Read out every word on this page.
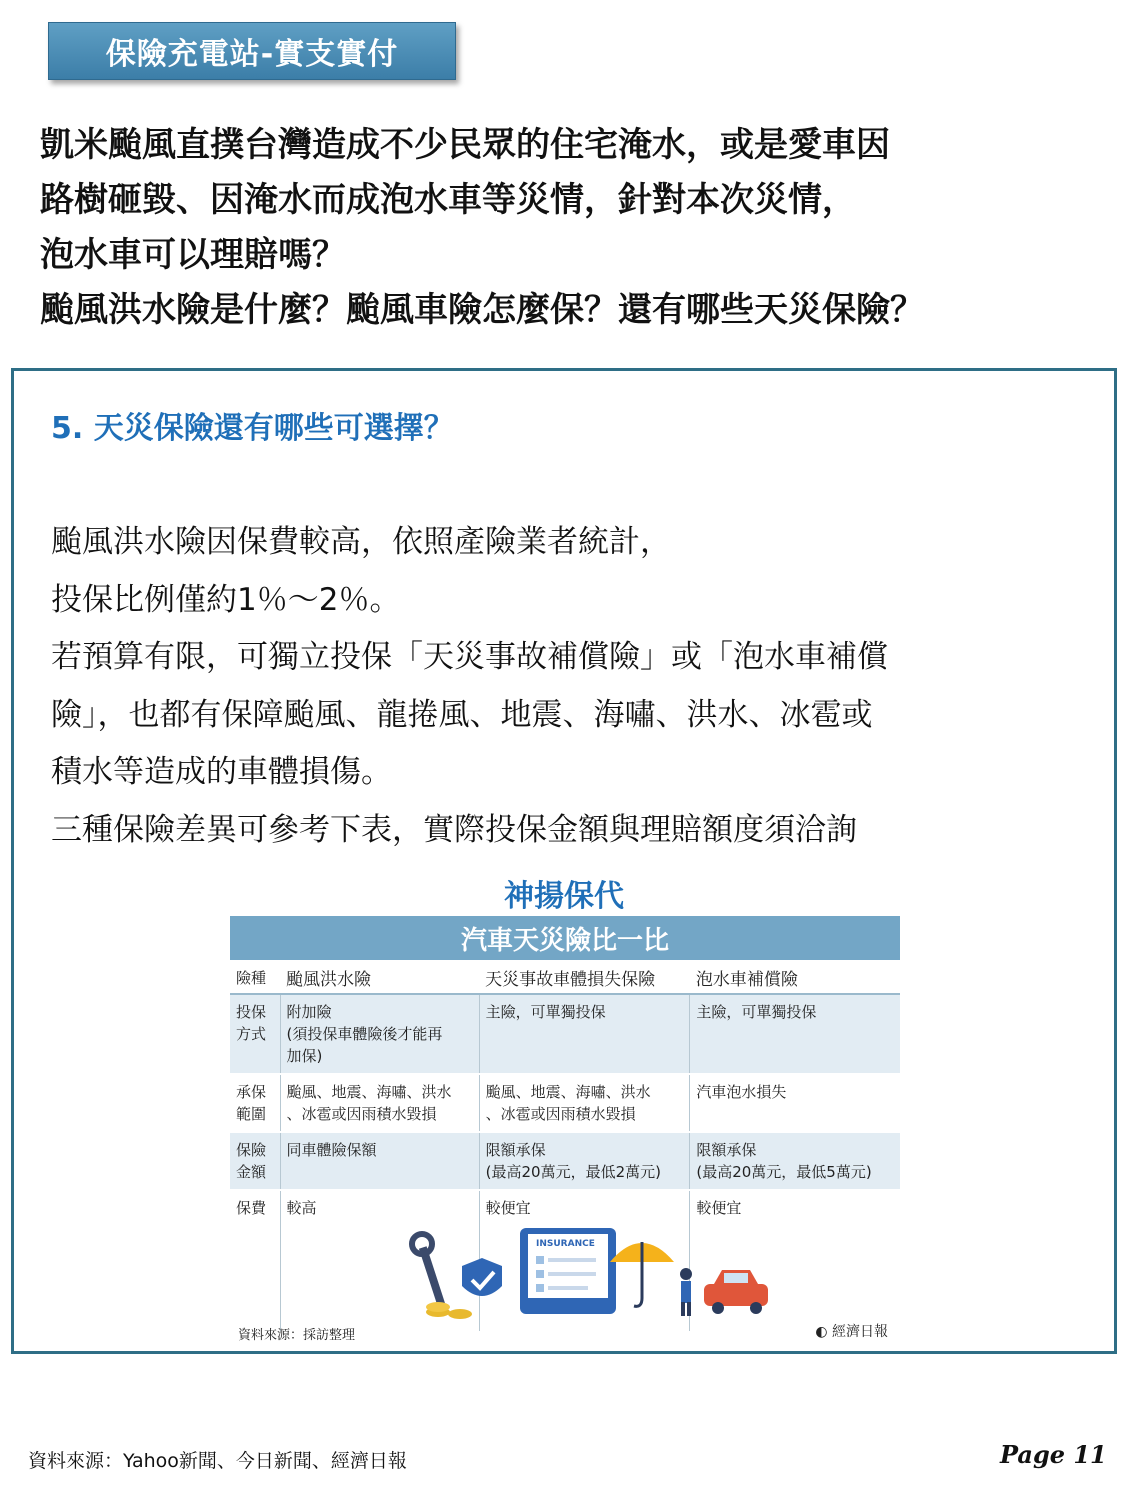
保險充電站-實支實付
凱米颱風直撲台灣造成不少民眾的住宅淹水，或是愛車因
路樹砸毀、因淹水而成泡水車等災情，針對本次災情，
泡水車可以理賠嗎？
颱風洪水險是什麼？颱風車險怎麼保？還有哪些天災保險？
5. 天災保險還有哪些可選擇？
颱風洪水險因保費較高，依照產險業者統計，
投保比例僅約1％～2％。
若預算有限，可獨立投保「天災事故補償險」或「泡水車補償
險」，也都有保障颱風、龍捲風、地震、海嘯、洪水、冰雹或
積水等造成的車體損傷。
三種保險差異可參考下表，實際投保金額與理賠額度須洽詢
神揚保代
汽車天災險比一比
險種	颱風洪水險	天災事故車體損失保險	泡水車補償險

投保
方式	附加險
(須投保車體險後才能再
加保)	主險，可單獨投保	主險，可單獨投保

承保
範圍	颱風、地震、海嘯、洪水
、冰雹或因雨積水毀損	颱風、地震、海嘯、洪水
、冰雹或因雨積水毀損	汽車泡水損失

保險
金額	同車體險保額	限額承保
(最高20萬元，最低2萬元)	限額承保
(最高20萬元，最低5萬元)

保費	較高	較便宜	較便宜
INSURANCE
資料來源：採訪整理	◐ 經濟日報
資料來源：Yahoo新聞、今日新聞、經濟日報	Page 11
